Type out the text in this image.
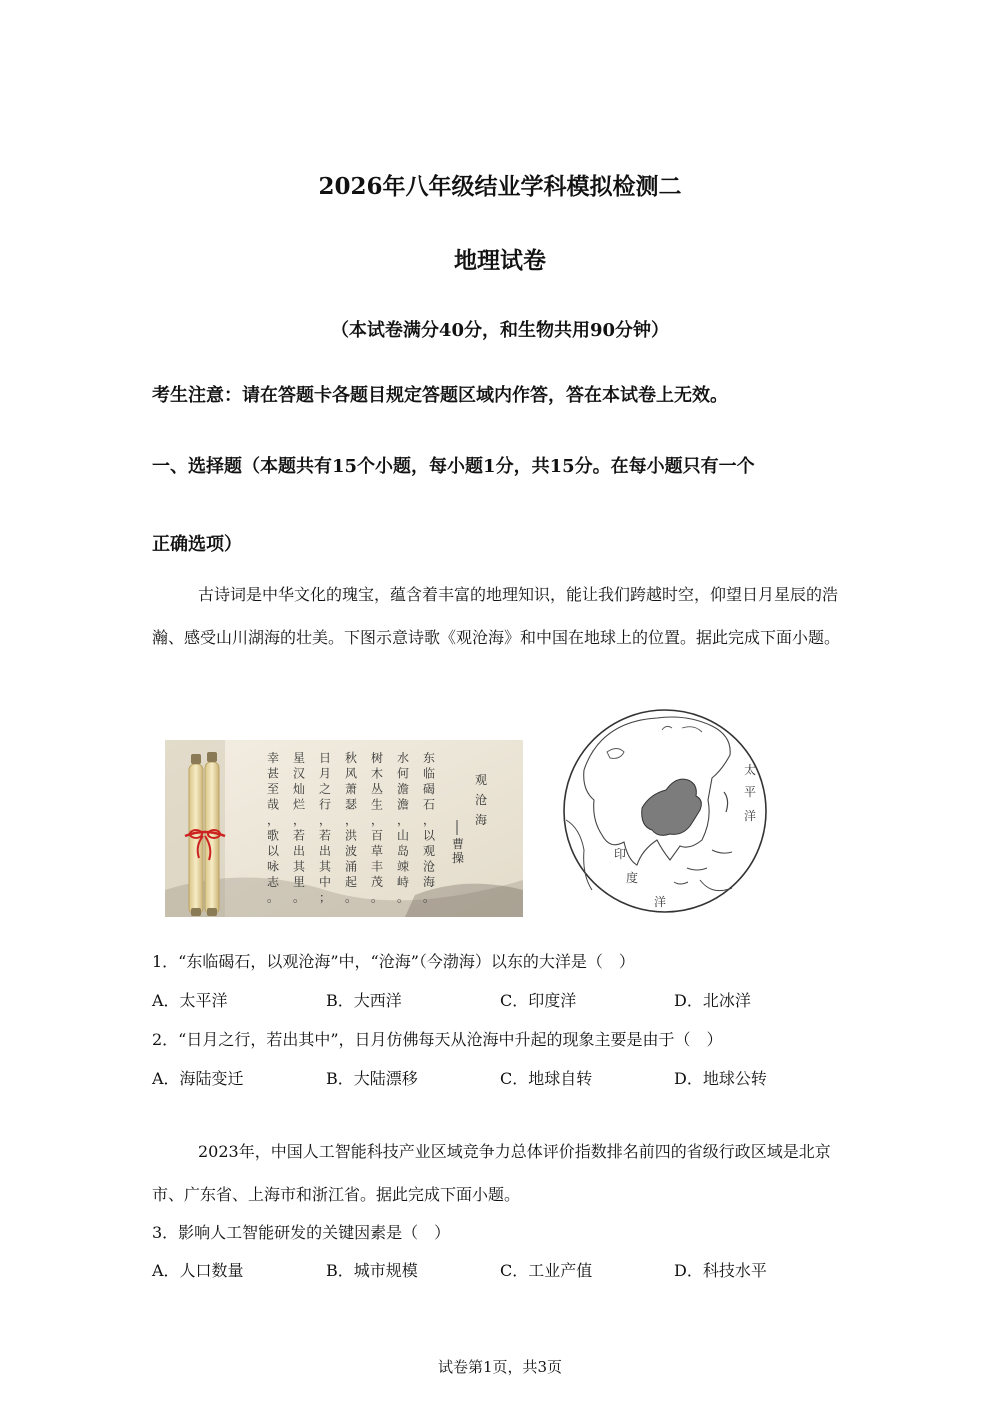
2026年八年级结业学科模拟检测二
地理试卷
（本试卷满分40分，和生物共用90分钟）
考生注意：请在答题卡各题目规定答题区域内作答，答在本试卷上无效。
一、选择题（本题共有15个小题，每小题1分，共15分。在每小题只有一个
正确选项）
古诗词是中华文化的瑰宝，蕴含着丰富的地理知识，能让我们跨越时空，仰望日月星辰的浩瀚、感受山川湖海的壮美。下图示意诗歌《观沧海》和中国在地球上的位置。据此完成下面小题。
观
沧
海
曹
操
东
临
碣
石
，
以
观
沧
海
。
水
何
澹
澹
，
山
岛
竦
峙
。
树
木
丛
生
，
百
草
丰
茂
。
秋
风
萧
瑟
，
洪
波
涌
起
。
日
月
之
行
，
若
出
其
中
；
星
汉
灿
烂
，
若
出
其
里
。
幸
甚
至
哉
，
歌
以
咏
志
。
太
平
洋
印
度
洋
1．“东临碣石，以观沧海”中，“沧海”（今渤海）以东的大洋是（　）
A．太平洋	B．大西洋	C．印度洋	D．北冰洋
2．“日月之行，若出其中”，日月仿佛每天从沧海中升起的现象主要是由于（　）
A．海陆变迁	B．大陆漂移	C．地球自转	D．地球公转
2023年，中国人工智能科技产业区域竞争力总体评价指数排名前四的省级行政区域是北京市、广东省、上海市和浙江省。据此完成下面小题。
3．影响人工智能研发的关键因素是（　）
A．人口数量	B．城市规模	C．工业产值	D．科技水平
试卷第1页，共3页
